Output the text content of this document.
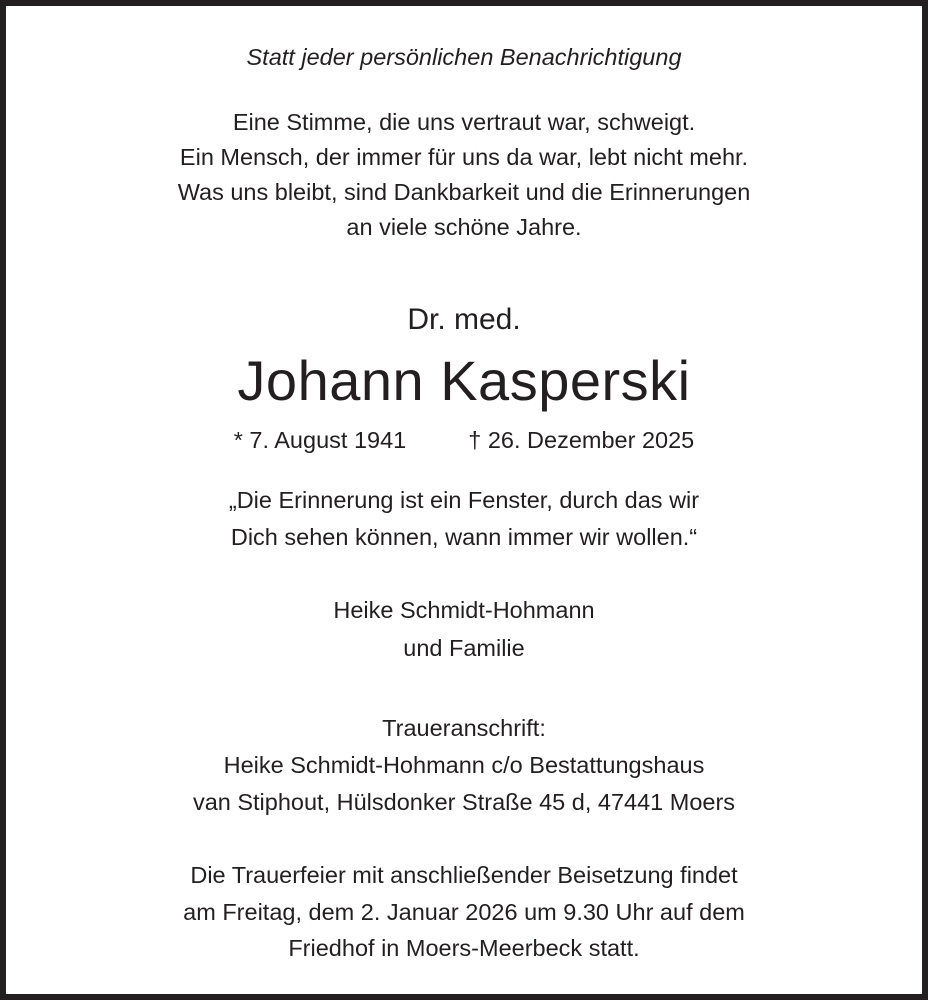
Statt jeder persönlichen Benachrichtigung
Eine Stimme, die uns vertraut war, schweigt.
Ein Mensch, der immer für uns da war, lebt nicht mehr.
Was uns bleibt, sind Dankbarkeit und die Erinnerungen
an viele schöne Jahre.
Dr. med.
Johann Kasperski
* 7. August 1941	† 26. Dezember 2025
„Die Erinnerung ist ein Fenster, durch das wir
Dich sehen können, wann immer wir wollen.“
Heike Schmidt-Hohmann
und Familie
Traueranschrift:
Heike Schmidt-Hohmann c/o Bestattungshaus
van Stiphout, Hülsdonker Straße 45 d, 47441 Moers
Die Trauerfeier mit anschließender Beisetzung findet
am Freitag, dem 2. Januar 2026 um 9.30 Uhr auf dem
Friedhof in Moers-Meerbeck statt.
